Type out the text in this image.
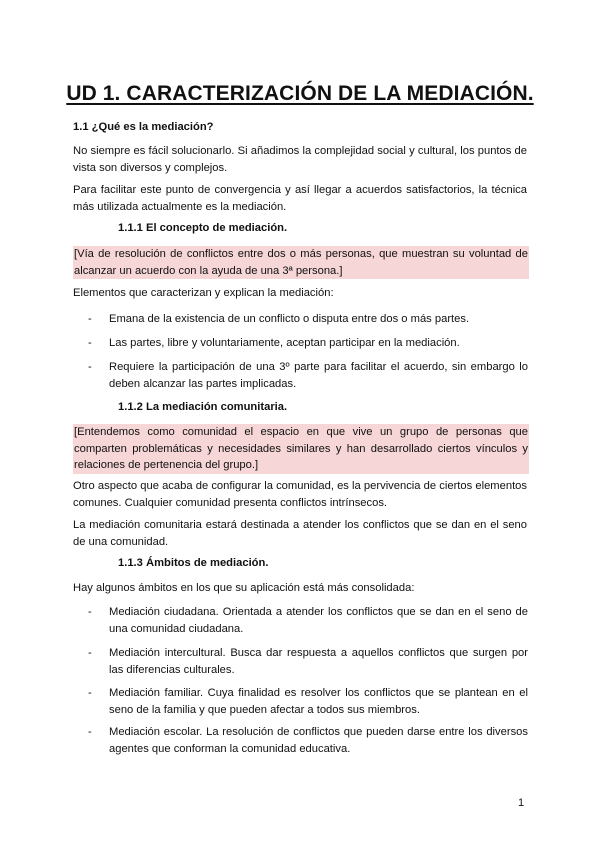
UD 1. CARACTERIZACIÓN DE LA MEDIACIÓN.

1.1 ¿Qué es la mediación?

No siempre es fácil solucionarlo. Si añadimos la complejidad social y cultural, los puntos de vista son diversos y complejos.

Para facilitar este punto de convergencia y así llegar a acuerdos satisfactorios, la técnica más utilizada actualmente es la mediación.

1.1.1 El concepto de mediación.

[Vía de resolución de conflictos entre dos o más personas, que muestran su voluntad de alcanzar un acuerdo con la ayuda de una 3ª persona.]

Elementos que caracterizan y explican la mediación:

- Emana de la existencia de un conflicto o disputa entre dos o más partes.
- Las partes, libre y voluntariamente, aceptan participar en la mediación.
- Requiere la participación de una 3º parte para facilitar el acuerdo, sin embargo lo deben alcanzar las partes implicadas.

1.1.2 La mediación comunitaria.

[Entendemos como comunidad el espacio en que vive un grupo de personas que comparten problemáticas y necesidades similares y han desarrollado ciertos vínculos y relaciones de pertenencia del grupo.]

Otro aspecto que acaba de configurar la comunidad, es la pervivencia de ciertos elementos comunes. Cualquier comunidad presenta conflictos intrínsecos.

La mediación comunitaria estará destinada a atender los conflictos que se dan en el seno de una comunidad.

1.1.3 Ámbitos de mediación.

Hay algunos ámbitos en los que su aplicación está más consolidada:

- Mediación ciudadana. Orientada a atender los conflictos que se dan en el seno de una comunidad ciudadana.
- Mediación intercultural. Busca dar respuesta a aquellos conflictos que surgen por las diferencias culturales.
- Mediación familiar. Cuya finalidad es resolver los conflictos que se plantean en el seno de la familia y que pueden afectar a todos sus miembros.
- Mediación escolar. La resolución de conflictos que pueden darse entre los diversos agentes que conforman la comunidad educativa.
1
